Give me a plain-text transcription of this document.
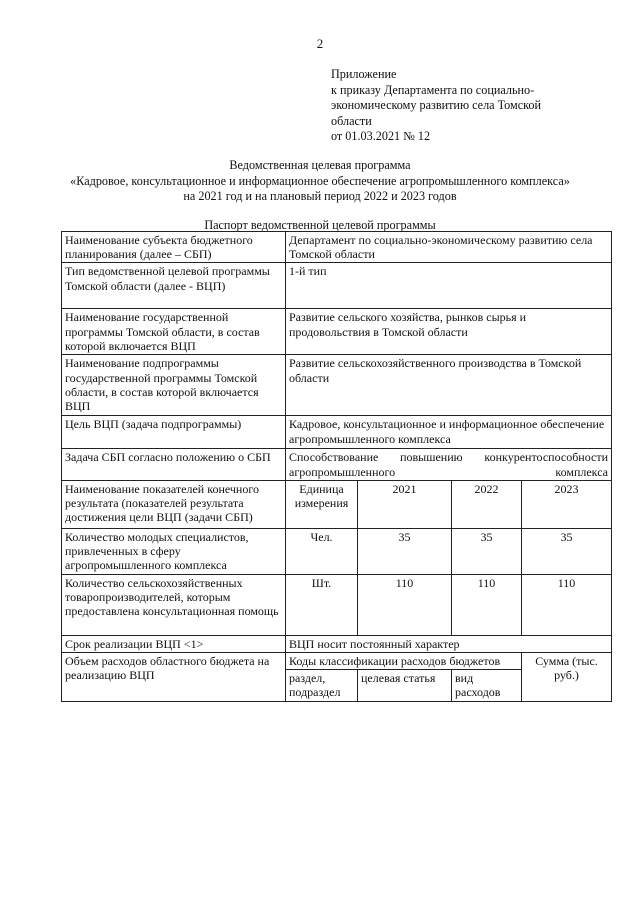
2
Приложение
к приказу Департамента по социально-
экономическому развитию села Томской
области
от 01.03.2021 № 12
Ведомственная целевая программа
«Кадровое, консультационное и информационное обеспечение агропромышленного комплекса»
на 2021 год и на плановый период 2022 и 2023 годов
Паспорт ведомственной целевой программы
Наименование субъекта бюджетного планирования (далее – СБП)	Департамент по социально-экономическому развитию села Томской области			
Тип ведомственной целевой программы Томской области (далее - ВЦП)	1-й тип			
Наименование государственной программы Томской области, в состав которой включается ВЦП	Развитие сельского хозяйства, рынков сырья и продовольствия в Томской области			
Наименование подпрограммы государственной программы Томской области, в состав которой включается ВЦП	Развитие сельскохозяйственного производства в Томской области			
Цель ВЦП (задача подпрограммы)	Кадровое, консультационное и информационное обеспечение агропромышленного комплекса			
Задача СБП согласно положению о СБП	Способствование повышению конкурентоспособности агропромышленного комплекса			
Наименование показателей конечного результата (показателей результата достижения цели ВЦП (задачи СБП)	Единица измерения	2021	2022	2023
Количество молодых специалистов, привлеченных в сферу агропромышленного комплекса	Чел.	35	35	35
Количество сельскохозяйственных товаропроизводителей, которым предоставлена консультационная помощь	Шт.	110	110	110
Срок реализации ВЦП <1>	ВЦП носит постоянный характер			
Объем расходов областного бюджета на реализацию ВЦП	Коды классификации расходов бюджетов			Сумма (тыс. руб.)
	раздел, подраздел	целевая статья	вид расходов	
